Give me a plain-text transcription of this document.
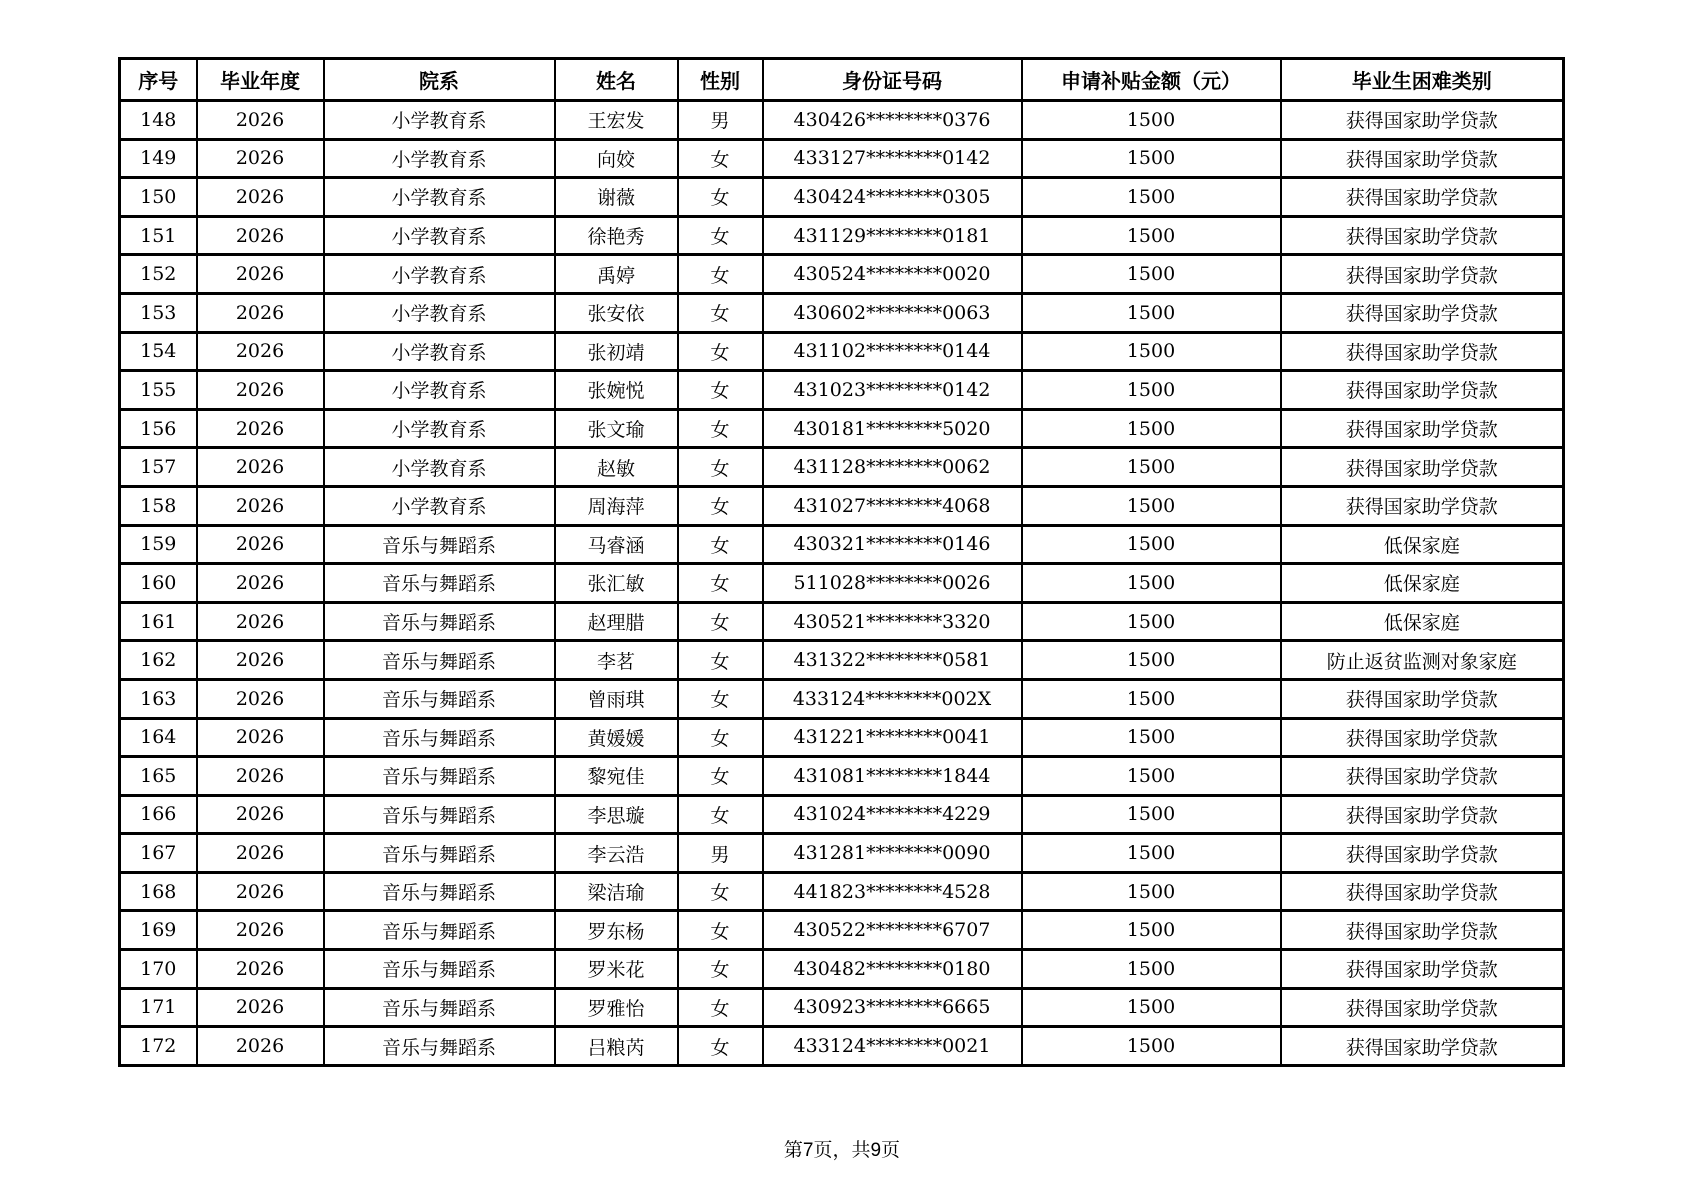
序号	毕业年度	院系	姓名	性别	身份证号码	申请补贴金额（元）	毕业生困难类别
148	2026	小学教育系	王宏发	男	430426********0376	1500	获得国家助学贷款
149	2026	小学教育系	向姣	女	433127********0142	1500	获得国家助学贷款
150	2026	小学教育系	谢薇	女	430424********0305	1500	获得国家助学贷款
151	2026	小学教育系	徐艳秀	女	431129********0181	1500	获得国家助学贷款
152	2026	小学教育系	禹婷	女	430524********0020	1500	获得国家助学贷款
153	2026	小学教育系	张安依	女	430602********0063	1500	获得国家助学贷款
154	2026	小学教育系	张初靖	女	431102********0144	1500	获得国家助学贷款
155	2026	小学教育系	张婉悦	女	431023********0142	1500	获得国家助学贷款
156	2026	小学教育系	张文瑜	女	430181********5020	1500	获得国家助学贷款
157	2026	小学教育系	赵敏	女	431128********0062	1500	获得国家助学贷款
158	2026	小学教育系	周海萍	女	431027********4068	1500	获得国家助学贷款
159	2026	音乐与舞蹈系	马睿涵	女	430321********0146	1500	低保家庭
160	2026	音乐与舞蹈系	张汇敏	女	511028********0026	1500	低保家庭
161	2026	音乐与舞蹈系	赵理腊	女	430521********3320	1500	低保家庭
162	2026	音乐与舞蹈系	李茗	女	431322********0581	1500	防止返贫监测对象家庭
163	2026	音乐与舞蹈系	曾雨琪	女	433124********002X	1500	获得国家助学贷款
164	2026	音乐与舞蹈系	黄媛媛	女	431221********0041	1500	获得国家助学贷款
165	2026	音乐与舞蹈系	黎宛佳	女	431081********1844	1500	获得国家助学贷款
166	2026	音乐与舞蹈系	李思璇	女	431024********4229	1500	获得国家助学贷款
167	2026	音乐与舞蹈系	李云浩	男	431281********0090	1500	获得国家助学贷款
168	2026	音乐与舞蹈系	梁洁瑜	女	441823********4528	1500	获得国家助学贷款
169	2026	音乐与舞蹈系	罗东杨	女	430522********6707	1500	获得国家助学贷款
170	2026	音乐与舞蹈系	罗米花	女	430482********0180	1500	获得国家助学贷款
171	2026	音乐与舞蹈系	罗雅怡	女	430923********6665	1500	获得国家助学贷款
172	2026	音乐与舞蹈系	吕粮芮	女	433124********0021	1500	获得国家助学贷款
第7页，共9页
